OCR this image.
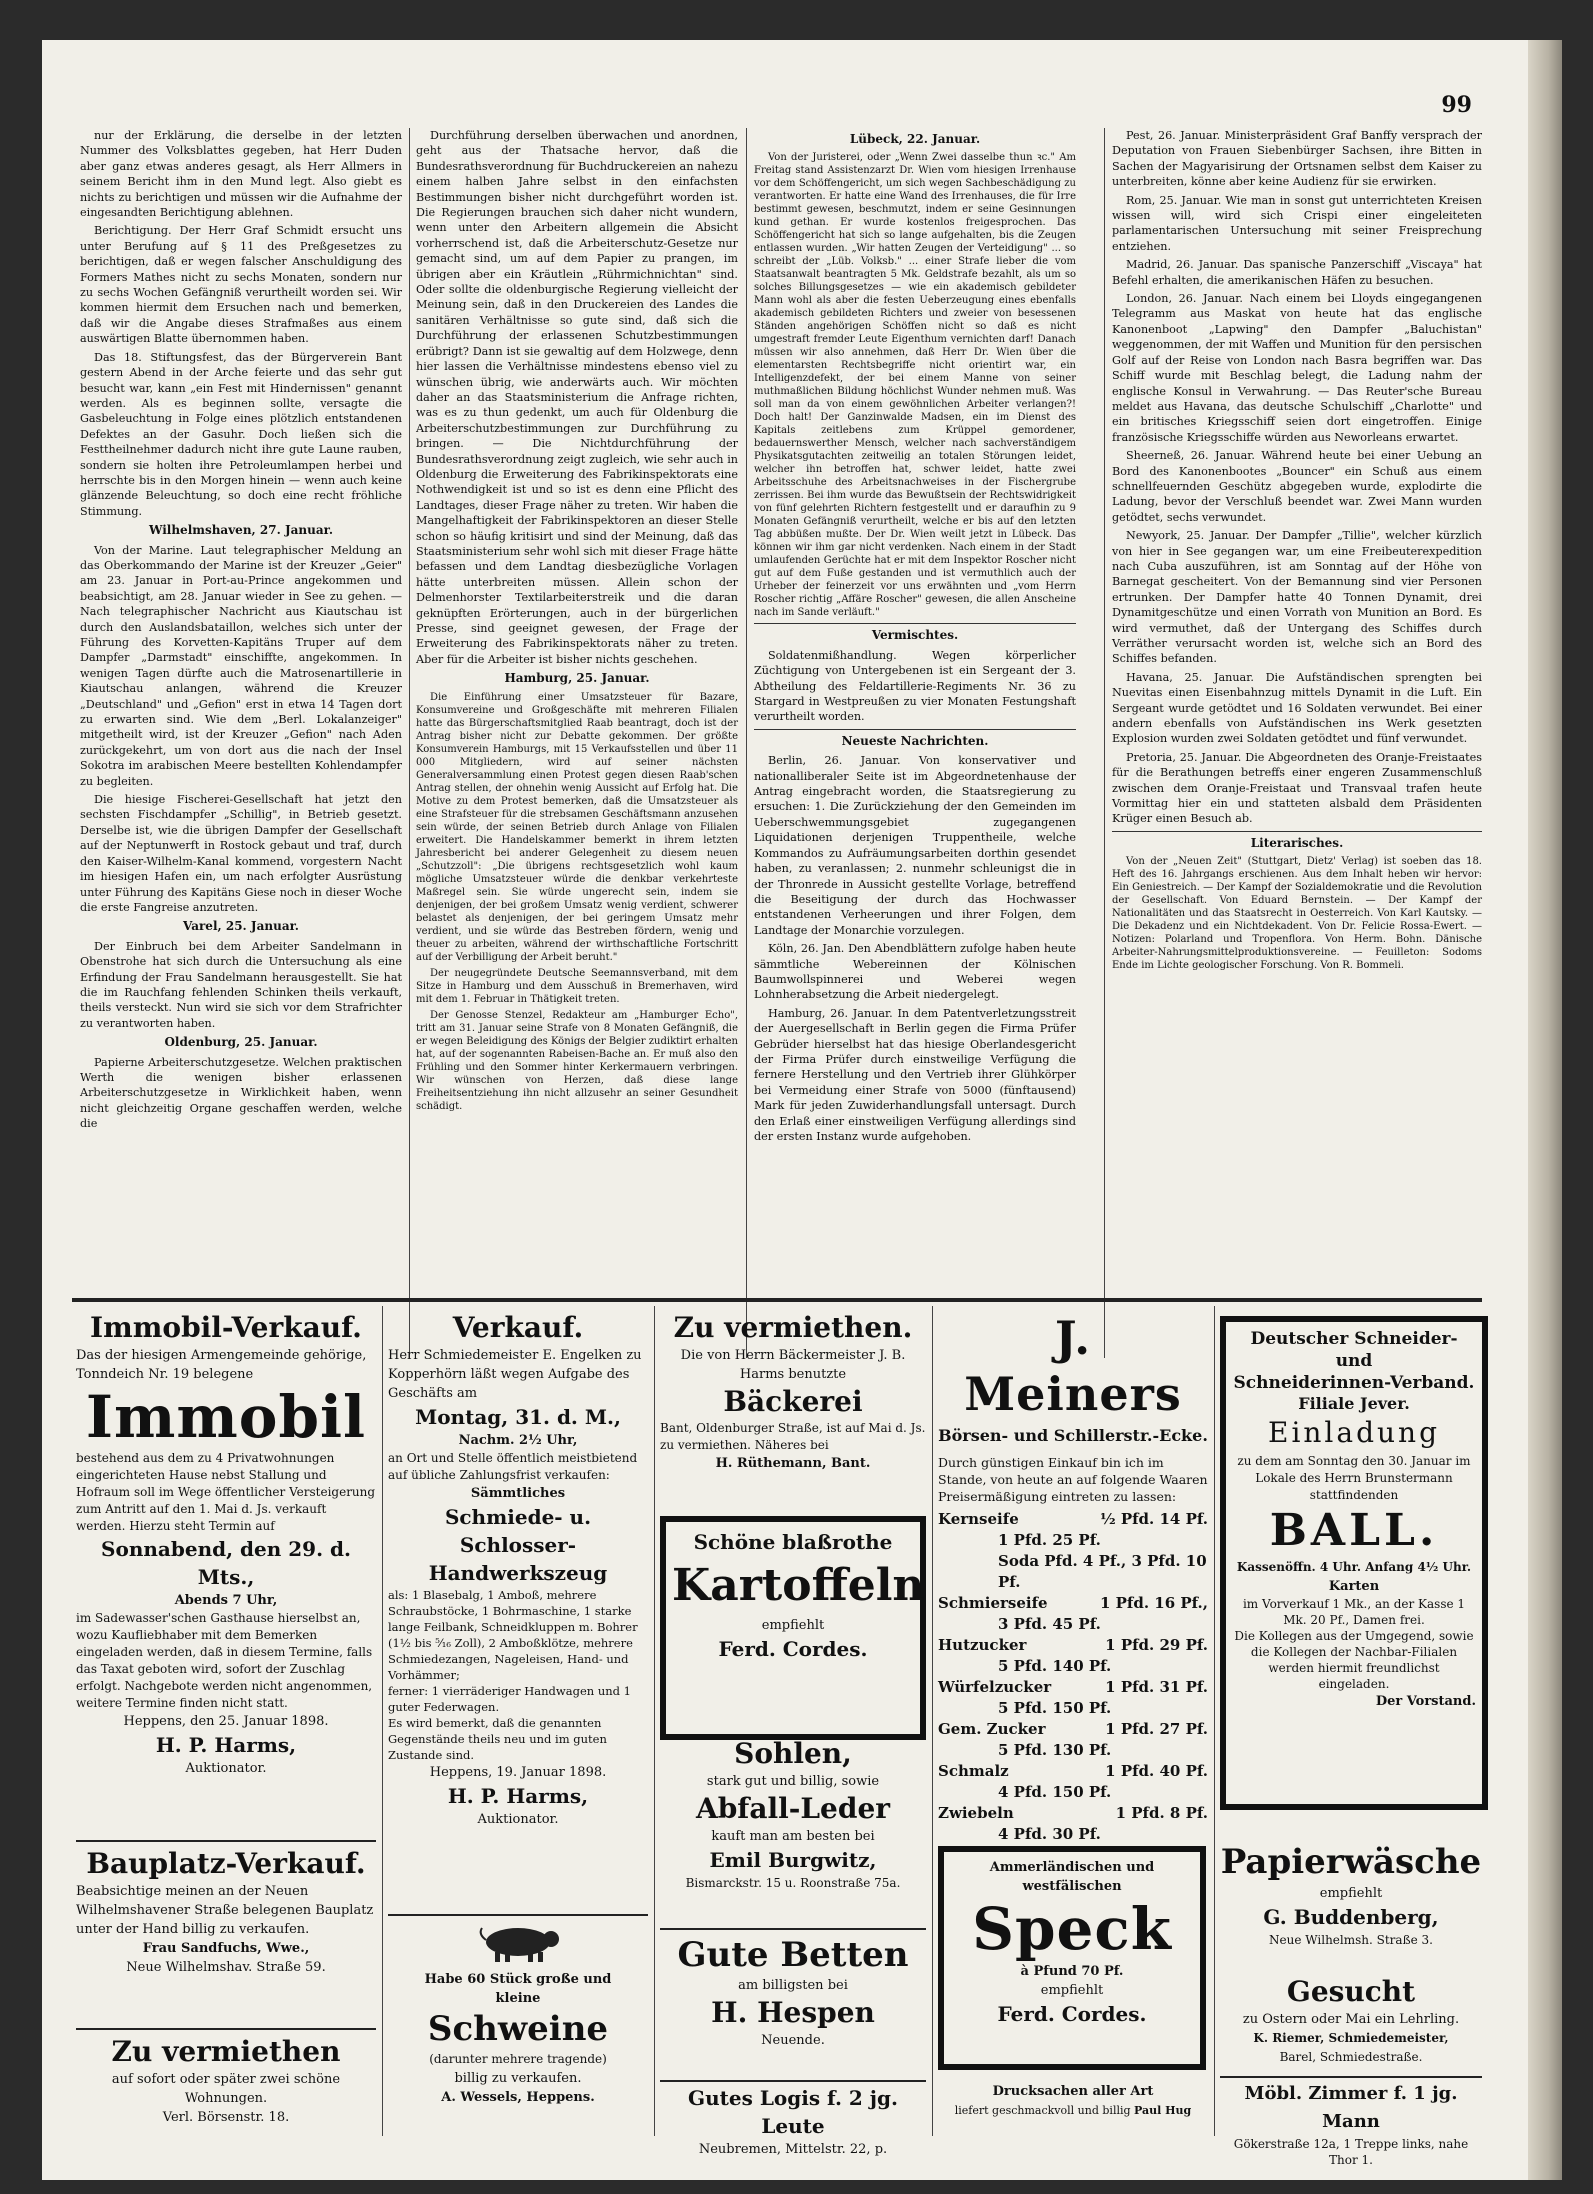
99

nur der Erklärung, die derselbe in der letzten Nummer des Volksblattes gegeben, hat Herr Duden aber ganz etwas anderes gesagt, als Herr Allmers in seinem Bericht ihm in den Mund legt. Also giebt es nichts zu berichtigen und müssen wir die Aufnahme der eingesandten Berichtigung ablehnen.

Berichtigung. Der Herr Graf Schmidt ersucht uns unter Berufung auf § 11 des Preßgesetzes zu berichtigen, daß er wegen falscher Anschuldigung des Formers Mathes nicht zu sechs Monaten, sondern nur zu sechs Wochen Gefängniß verurtheilt worden sei. Wir kommen hiermit dem Ersuchen nach und bemerken, daß wir die Angabe dieses Strafmaßes aus einem auswärtigen Blatte übernommen haben.

Das 18. Stiftungsfest, das der Bürgerverein Bant gestern Abend in der Arche feierte und das sehr gut besucht war, kann „ein Fest mit Hindernissen" genannt werden. Als es beginnen sollte, versagte die Gasbeleuchtung in Folge eines plötzlich entstandenen Defektes an der Gasuhr. Doch ließen sich die Festtheilnehmer dadurch nicht ihre gute Laune rauben, sondern sie holten ihre Petroleumlampen herbei und herrschte bis in den Morgen hinein — wenn auch keine glänzende Beleuchtung, so doch eine recht fröhliche Stimmung.

Wilhelmshaven, 27. Januar.

Von der Marine. Laut telegraphischer Meldung an das Oberkommando der Marine ist der Kreuzer „Geier" am 23. Januar in Port-au-Prince angekommen und beabsichtigt, am 28. Januar wieder in See zu gehen. — Nach telegraphischer Nachricht aus Kiautschau ist durch den Auslandsbataillon, welches sich unter der Führung des Korvetten-Kapitäns Truper auf dem Dampfer „Darmstadt" einschiffte, angekommen. In wenigen Tagen dürfte auch die Matrosenartillerie in Kiautschau anlangen, während die Kreuzer „Deutschland" und „Gefion" erst in etwa 14 Tagen dort zu erwarten sind. Wie dem „Berl. Lokalanzeiger" mitgetheilt wird, ist der Kreuzer „Gefion" nach Aden zurückgekehrt, um von dort aus die nach der Insel Sokotra im arabischen Meere bestellten Kohlendampfer zu begleiten.

Die hiesige Fischerei-Gesellschaft hat jetzt den sechsten Fischdampfer „Schillig", in Betrieb gesetzt. Derselbe ist, wie die übrigen Dampfer der Gesellschaft auf der Neptunwerft in Rostock gebaut und traf, durch den Kaiser-Wilhelm-Kanal kommend, vorgestern Nacht im hiesigen Hafen ein, um nach erfolgter Ausrüstung unter Führung des Kapitäns Giese noch in dieser Woche die erste Fangreise anzutreten.

Varel, 25. Januar.

Der Einbruch bei dem Arbeiter Sandelmann in Obenstrohe hat sich durch die Untersuchung als eine Erfindung der Frau Sandelmann herausgestellt. Sie hat die im Rauchfang fehlenden Schinken theils verkauft, theils versteckt. Nun wird sie sich vor dem Strafrichter zu verantworten haben.

Oldenburg, 25. Januar.

Papierne Arbeiterschutzgesetze. Welchen praktischen Werth die wenigen bisher erlassenen Arbeiterschutzgesetze in Wirklichkeit haben, wenn nicht gleichzeitig Organe geschaffen werden, welche die

Durchführung derselben überwachen und anordnen, geht aus der Thatsache hervor, daß die Bundesrathsverordnung für Buchdruckereien an nahezu einem halben Jahre selbst in den einfachsten Bestimmungen bisher nicht durchgeführt worden ist. Die Regierungen brauchen sich daher nicht wundern, wenn unter den Arbeitern allgemein die Absicht vorherrschend ist, daß die Arbeiterschutz-Gesetze nur gemacht sind, um auf dem Papier zu prangen, im übrigen aber ein Kräutlein „Rührmichnichtan" sind. Oder sollte die oldenburgische Regierung vielleicht der Meinung sein, daß in den Druckereien des Landes die sanitären Verhältnisse so gute sind, daß sich die Durchführung der erlassenen Schutzbestimmungen erübrigt? Dann ist sie gewaltig auf dem Holzwege, denn hier lassen die Verhältnisse mindestens ebenso viel zu wünschen übrig, wie anderwärts auch. Wir möchten daher an das Staatsministerium die Anfrage richten, was es zu thun gedenkt, um auch für Oldenburg die Arbeiterschutzbestimmungen zur Durchführung zu bringen. — Die Nichtdurchführung der Bundesrathsverordnung zeigt zugleich, wie sehr auch in Oldenburg die Erweiterung des Fabrikinspektorats eine Nothwendigkeit ist und so ist es denn eine Pflicht des Landtages, dieser Frage näher zu treten. Wir haben die Mangelhaftigkeit der Fabrikinspektoren an dieser Stelle schon so häufig kritisirt und sind der Meinung, daß das Staatsministerium sehr wohl sich mit dieser Frage hätte befassen und dem Landtag diesbezügliche Vorlagen hätte unterbreiten müssen. Allein schon der Delmenhorster Textilarbeiterstreik und die daran geknüpften Erörterungen, auch in der bürgerlichen Presse, sind geeignet gewesen, der Frage der Erweiterung des Fabrikinspektorats näher zu treten. Aber für die Arbeiter ist bisher nichts geschehen.

Hamburg, 25. Januar.

Die Einführung einer Umsatzsteuer für Bazare, Konsumvereine und Großgeschäfte mit mehreren Filialen hatte das Bürgerschaftsmitglied Raab beantragt, doch ist der Antrag bisher nicht zur Debatte gekommen. Der größte Konsumverein Hamburgs, mit 15 Verkaufsstellen und über 11 000 Mitgliedern, wird auf seiner nächsten Generalversammlung einen Protest gegen diesen Raab'schen Antrag stellen, der ohnehin wenig Aussicht auf Erfolg hat. Die Motive zu dem Protest bemerken, daß die Umsatzsteuer als eine Strafsteuer für die strebsamen Geschäftsmann anzusehen sein würde, der seinen Betrieb durch Anlage von Filialen erweitert. Die Handelskammer bemerkt in ihrem letzten Jahresbericht bei anderer Gelegenheit zu diesem neuen „Schutzzoll": „Die übrigens rechtsgesetzlich wohl kaum mögliche Umsatzsteuer würde die denkbar verkehrteste Maßregel sein. Sie würde ungerecht sein, indem sie denjenigen, der bei großem Umsatz wenig verdient, schwerer belastet als denjenigen, der bei geringem Umsatz mehr verdient, und sie würde das Bestreben fördern, wenig und theuer zu arbeiten, während der wirthschaftliche Fortschritt auf der Verbilligung der Arbeit beruht."

Der neugegründete Deutsche Seemannsverband, mit dem Sitze in Hamburg und dem Ausschuß in Bremerhaven, wird mit dem 1. Februar in Thätigkeit treten.

Der Genosse Stenzel, Redakteur am „Hamburger Echo", tritt am 31. Januar seine Strafe von 8 Monaten Gefängniß, die er wegen Beleidigung des Königs der Belgier zudiktirt erhalten hat, auf der sogenannten Rabeisen-Bache an. Er muß also den Frühling und den Sommer hinter Kerkermauern verbringen. Wir wünschen von Herzen, daß diese lange Freiheitsentziehung ihn nicht allzusehr an seiner Gesundheit schädigt.

Lübeck, 22. Januar.

Von der Juristerei, oder „Wenn Zwei dasselbe thun ꝛc." Am Freitag stand Assistenzarzt Dr. Wien vom hiesigen Irrenhause vor dem Schöffengericht, um sich wegen Sachbeschädigung zu verantworten. Er hatte eine Wand des Irrenhauses, die für Irre bestimmt gewesen, beschmutzt, indem er seine Gesinnungen kund gethan. Er wurde kostenlos freigesprochen. Das Schöffengericht hat sich so lange aufgehalten, bis die Zeugen entlassen wurden. „Wir hatten Zeugen der Verteidigung" ... so schreibt der „Lüb. Volksb." ... einer Strafe lieber die vom Staatsanwalt beantragten 5 Mk. Geldstrafe bezahlt, als um so solches Billungsgesetzes — wie ein akademisch gebildeter Mann wohl als aber die festen Ueberzeugung eines ebenfalls akademisch gebildeten Richters und zweier von besessenen Ständen angehörigen Schöffen nicht so daß es nicht umgestraft fremder Leute Eigenthum vernichten darf! Danach müssen wir also annehmen, daß Herr Dr. Wien über die elementarsten Rechtsbegriffe nicht orientirt war, ein Intelligenzdefekt, der bei einem Manne von seiner muthmaßlichen Bildung höchlichst Wunder nehmen muß. Was soll man da von einem gewöhnlichen Arbeiter verlangen?! Doch halt! Der Ganzinwalde Madsen, ein im Dienst des Kapitals zeitlebens zum Krüppel gemordener, bedauernswerther Mensch, welcher nach sachverständigem Physikatsgutachten zeitweilig an totalen Störungen leidet, welcher ihn betroffen hat, schwer leidet, hatte zwei Arbeitsschuhe des Arbeitsnachweises in der Fischergrube zerrissen. Bei ihm wurde das Bewußtsein der Rechtswidrigkeit von fünf gelehrten Richtern festgestellt und er daraufhin zu 9 Monaten Gefängniß verurtheilt, welche er bis auf den letzten Tag abbüßen mußte. Der Dr. Wien weilt jetzt in Lübeck. Das können wir ihm gar nicht verdenken. Nach einem in der Stadt umlaufenden Gerüchte hat er mit dem Inspektor Roscher nicht gut auf dem Fuße gestanden und ist vermuthlich auch der Urheber der feinerzeit vor uns erwähnten und „vom Herrn Roscher richtig „Affäre Roscher" gewesen, die allen Anscheine nach im Sande verläuft."

Vermischtes.

Soldatenmißhandlung. Wegen körperlicher Züchtigung von Untergebenen ist ein Sergeant der 3. Abtheilung des Feldartillerie-Regiments Nr. 36 zu Stargard in Westpreußen zu vier Monaten Festungshaft verurtheilt worden.

Neueste Nachrichten.

Berlin, 26. Januar. Von konservativer und nationalliberaler Seite ist im Abgeordnetenhause der Antrag eingebracht worden, die Staatsregierung zu ersuchen: 1. Die Zurückziehung der den Gemeinden im Ueberschwemmungsgebiet zugegangenen Liquidationen derjenigen Truppentheile, welche Kommandos zu Aufräumungsarbeiten dorthin gesendet haben, zu veranlassen; 2. nunmehr schleunigst die in der Thronrede in Aussicht gestellte Vorlage, betreffend die Beseitigung der durch das Hochwasser entstandenen Verheerungen und ihrer Folgen, dem Landtage der Monarchie vorzulegen.

Köln, 26. Jan. Den Abendblättern zufolge haben heute sämmtliche Webereinnen der Kölnischen Baumwollspinnerei und Weberei wegen Lohnherabsetzung die Arbeit niedergelegt.

Hamburg, 26. Januar. In dem Patentverletzungsstreit der Auergesellschaft in Berlin gegen die Firma Prüfer Gebrüder hierselbst hat das hiesige Oberlandesgericht der Firma Prüfer durch einstweilige Verfügung die fernere Herstellung und den Vertrieb ihrer Glühkörper bei Vermeidung einer Strafe von 5000 (fünftausend) Mark für jeden Zuwiderhandlungsfall untersagt. Durch den Erlaß einer einstweiligen Verfügung allerdings sind der ersten Instanz wurde aufgehoben.

Pest, 26. Januar. Ministerpräsident Graf Banffy versprach der Deputation von Frauen Siebenbürger Sachsen, ihre Bitten in Sachen der Magyarisirung der Ortsnamen selbst dem Kaiser zu unterbreiten, könne aber keine Audienz für sie erwirken.

Rom, 25. Januar. Wie man in sonst gut unterrichteten Kreisen wissen will, wird sich Crispi einer eingeleiteten parlamentarischen Untersuchung mit seiner Freisprechung entziehen.

Madrid, 26. Januar. Das spanische Panzerschiff „Viscaya" hat Befehl erhalten, die amerikanischen Häfen zu besuchen.

London, 26. Januar. Nach einem bei Lloyds eingegangenen Telegramm aus Maskat von heute hat das englische Kanonenboot „Lapwing" den Dampfer „Baluchistan" weggenommen, der mit Waffen und Munition für den persischen Golf auf der Reise von London nach Basra begriffen war. Das Schiff wurde mit Beschlag belegt, die Ladung nahm der englische Konsul in Verwahrung. — Das Reuter'sche Bureau meldet aus Havana, das deutsche Schulschiff „Charlotte" und ein britisches Kriegsschiff seien dort eingetroffen. Einige französische Kriegsschiffe würden aus Neworleans erwartet.

Sheerneß, 26. Januar. Während heute bei einer Uebung an Bord des Kanonenbootes „Bouncer" ein Schuß aus einem schnellfeuernden Geschütz abgegeben wurde, explodirte die Ladung, bevor der Verschluß beendet war. Zwei Mann wurden getödtet, sechs verwundet.

Newyork, 25. Januar. Der Dampfer „Tillie", welcher kürzlich von hier in See gegangen war, um eine Freibeuterexpedition nach Cuba auszuführen, ist am Sonntag auf der Höhe von Barnegat gescheitert. Von der Bemannung sind vier Personen ertrunken. Der Dampfer hatte 40 Tonnen Dynamit, drei Dynamitgeschütze und einen Vorrath von Munition an Bord. Es wird vermuthet, daß der Untergang des Schiffes durch Verräther verursacht worden ist, welche sich an Bord des Schiffes befanden.

Havana, 25. Januar. Die Aufständischen sprengten bei Nuevitas einen Eisenbahnzug mittels Dynamit in die Luft. Ein Sergeant wurde getödtet und 16 Soldaten verwundet. Bei einer andern ebenfalls von Aufständischen ins Werk gesetzten Explosion wurden zwei Soldaten getödtet und fünf verwundet.

Pretoria, 25. Januar. Die Abgeordneten des Oranje-Freistaates für die Berathungen betreffs einer engeren Zusammenschluß zwischen dem Oranje-Freistaat und Transvaal trafen heute Vormittag hier ein und statteten alsbald dem Präsidenten Krüger einen Besuch ab.

Literarisches.

Von der „Neuen Zeit" (Stuttgart, Dietz' Verlag) ist soeben das 18. Heft des 16. Jahrgangs erschienen. Aus dem Inhalt heben wir hervor: Ein Geniestreich. — Der Kampf der Sozialdemokratie und die Revolution der Gesellschaft. Von Eduard Bernstein. — Der Kampf der Nationalitäten und das Staatsrecht in Oesterreich. Von Karl Kautsky. — Die Dekadenz und ein Nichtdekadent. Von Dr. Felicie Rossa-Ewert. — Notizen: Polarland und Tropenflora. Von Herm. Bohn. Dänische Arbeiter-Nahrungsmittelproduktionsvereine. — Feuilleton: Sodoms Ende im Lichte geologischer Forschung. Von R. Bommeli.

Immobil-Verkauf.
Das der hiesigen Armengemeinde gehörige, Tonndeich Nr. 19 belegene
Immobil
bestehend aus dem zu 4 Privatwohnungen eingerichteten Hause nebst Stallung und Hofraum soll im Wege öffentlicher Versteigerung zum Antritt auf den 1. Mai d. Js. verkauft werden. Hierzu steht Termin auf
Sonnabend, den 29. d. Mts.,
Abends 7 Uhr,
im Sadewasser'schen Gasthause hierselbst an, wozu Kaufliebhaber mit dem Bemerken eingeladen werden, daß in diesem Termine, falls das Taxat geboten wird, sofort der Zuschlag erfolgt. Nachgebote werden nicht angenommen, weitere Termine finden nicht statt.
Heppens, den 25. Januar 1898.
H. P. Harms,
Auktionator.
Bauplatz-Verkauf.
Beabsichtige meinen an der Neuen Wilhelmshavener Straße belegenen Bauplatz unter der Hand billig zu verkaufen.
Frau Sandfuchs, Wwe.,
Neue Wilhelmshav. Straße 59.
Zu vermiethen
auf sofort oder später zwei schöne Wohnungen.
Verl. Börsenstr. 18.
Verkauf.
Herr Schmiedemeister E. Engelken zu Kopperhörn läßt wegen Aufgabe des Geschäfts am
Montag, 31. d. M.,
Nachm. 2½ Uhr,
an Ort und Stelle öffentlich meistbietend auf übliche Zahlungsfrist verkaufen:
Sämmtliches
Schmiede- u. Schlosser-
Handwerkszeug
als: 1 Blasebalg, 1 Amboß, mehrere Schraubstöcke, 1 Bohrmaschine, 1 starke lange Feilbank, Schneidkluppen m. Bohrer (1½ bis ⁵⁄₁₆ Zoll), 2 Amboßklötze, mehrere Schmiedezangen, Nageleisen, Hand- und Vorhämmer;
ferner: 1 vierräderiger Handwagen und 1 guter Federwagen.
Es wird bemerkt, daß die genannten Gegenstände theils neu und im guten Zustande sind.
Heppens, 19. Januar 1898.
H. P. Harms,
Auktionator.
Habe 60 Stück große und
kleine
Schweine
(darunter mehrere tragende)
billig zu verkaufen.
A. Wessels, Heppens.
Zu vermiethen.
Die von Herrn Bäckermeister J. B. Harms benutzte
Bäckerei
Bant, Oldenburger Straße, ist auf Mai d. Js. zu vermiethen. Näheres bei
H. Rüthemann, Bant.
Schöne blaßrothe
Kartoffeln
empfiehlt
Ferd. Cordes.
Sohlen,
stark gut und billig, sowie
Abfall-Leder
kauft man am besten bei
Emil Burgwitz,
Bismarckstr. 15 u. Roonstraße 75a.
Gute Betten
am billigsten bei
H. Hespen
Neuende.
Gutes Logis f. 2 jg. Leute
Neubremen, Mittelstr. 22, p.
J. Meiners
Börsen- und Schillerstr.-Ecke.
Durch günstigen Einkauf bin ich im Stande, von heute an auf folgende Waaren Preisermäßigung eintreten zu lassen:
Kernseife	½ Pfd. 14 Pf.
1 Pfd. 25 Pf.
Soda Pfd. 4 Pf., 3 Pfd. 10 Pf.
Schmierseife	1 Pfd. 16 Pf.,
3 Pfd. 45 Pf.
Hutzucker	1 Pfd. 29 Pf.
5 Pfd. 140 Pf.
Würfelzucker	1 Pfd. 31 Pf.
5 Pfd. 150 Pf.
Gem. Zucker	1 Pfd. 27 Pf.
5 Pfd. 130 Pf.
Schmalz	1 Pfd. 40 Pf.
4 Pfd. 150 Pf.
Zwiebeln	1 Pfd. 8 Pf.
4 Pfd. 30 Pf.
Ammerländischen und
westfälischen
Speck
à Pfund 70 Pf.
empfiehlt
Ferd. Cordes.
Drucksachen aller Art
liefert geschmackvoll und billig Paul Hug
Deutscher Schneider- und
Schneiderinnen-Verband.
Filiale Jever.
Einladung
zu dem am Sonntag den 30. Januar im Lokale des Herrn Brunstermann stattfindenden
BALL.
Kassenöffn. 4 Uhr. Anfang 4½ Uhr.
Karten
im Vorverkauf 1 Mk., an der Kasse 1 Mk. 20 Pf., Damen frei.
Die Kollegen aus der Umgegend, sowie die Kollegen der Nachbar-Filialen werden hiermit freundlichst eingeladen.
Der Vorstand.
Papierwäsche
empfiehlt
G. Buddenberg,
Neue Wilhelmsh. Straße 3.
Gesucht
zu Ostern oder Mai ein Lehrling.
K. Riemer, Schmiedemeister,
Barel, Schmiedestraße.
Möbl. Zimmer f. 1 jg. Mann
Gökerstraße 12a, 1 Treppe links, nahe Thor 1.
